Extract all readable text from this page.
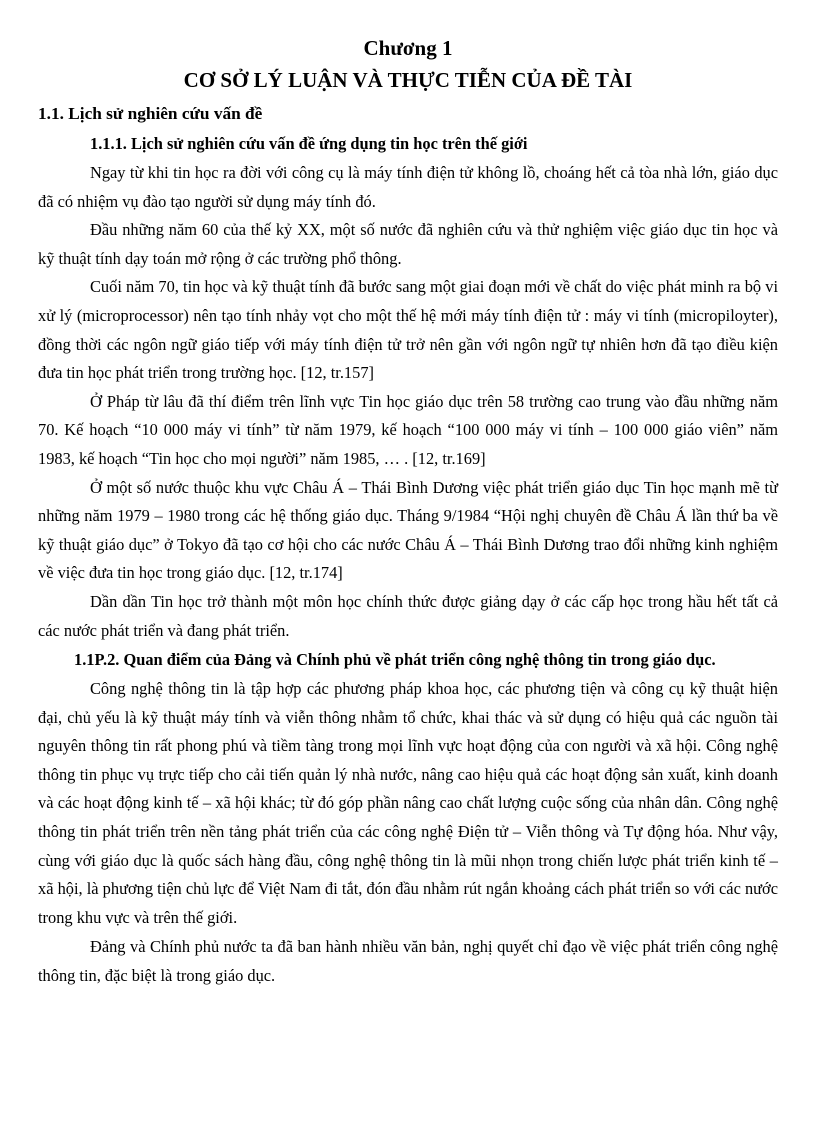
Chương 1
CƠ SỞ LÝ LUẬN VÀ THỰC TIỄN CỦA ĐỀ TÀI
1.1. Lịch sử nghiên cứu vấn đề
1.1.1. Lịch sử nghiên cứu vấn đề ứng dụng tin học trên thế giới

Ngay từ khi tin học ra đời với công cụ là máy tính điện tử không lồ, choáng hết cả tòa nhà lớn, giáo dục đã có nhiệm vụ đào tạo người sử dụng máy tính đó.

Đầu những năm 60 của thế kỷ XX, một số nước đã nghiên cứu và thử nghiệm việc giáo dục tin học và kỹ thuật tính dạy toán mở rộng ở các trường phổ thông.

Cuối năm 70, tin học và kỹ thuật tính đã bước sang một giai đoạn mới về chất do việc phát minh ra bộ vi xử lý (microprocessor) nên tạo tính nhảy vọt cho một thế hệ mới máy tính điện tử : máy vi tính (micropiloyter), đồng thời các ngôn ngữ giáo tiếp với máy tính điện tử trở nên gần với ngôn ngữ tự nhiên hơn đã tạo điều kiện đưa tin học phát triển trong trường học. [12, tr.157]

Ở Pháp từ lâu đã thí điểm trên lĩnh vực Tin học giáo dục trên 58 trường cao trung vào đầu những năm 70. Kế hoạch “10 000 máy vi tính” từ năm 1979, kế hoạch “100 000 máy vi tính – 100 000 giáo viên” năm 1983, kế hoạch “Tin học cho mọi người” năm 1985, … . [12, tr.169]

Ở một số nước thuộc khu vực Châu Á – Thái Bình Dương việc phát triển giáo dục Tin học mạnh mẽ từ những năm 1979 – 1980 trong các hệ thống giáo dục. Tháng 9/1984 “Hội nghị chuyên đề Châu Á lần thứ ba về kỹ thuật giáo dục” ở Tokyo đã tạo cơ hội cho các nước Châu Á – Thái Bình Dương trao đổi những kinh nghiệm về việc đưa tin học trong giáo dục. [12, tr.174]

Dần dần Tin học trở thành một môn học chính thức được giảng dạy ở các cấp học trong hầu hết tất cả các nước phát triển và đang phát triển.

1.1P.2. Quan điểm của Đảng và Chính phủ về phát triển công nghệ thông tin trong giáo dục.

Công nghệ thông tin là tập hợp các phương pháp khoa học, các phương tiện và công cụ kỹ thuật hiện đại, chủ yếu là kỹ thuật máy tính và viễn thông nhằm tổ chức, khai thác và sử dụng có hiệu quả các nguồn tài nguyên thông tin rất phong phú và tiềm tàng trong mọi lĩnh vực hoạt động của con người và xã hội. Công nghệ thông tin phục vụ trực tiếp cho cải tiến quản lý nhà nước, nâng cao hiệu quả các hoạt động sản xuất, kinh doanh và các hoạt động kinh tế – xã hội khác; từ đó góp phần nâng cao chất lượng cuộc sống của nhân dân. Công nghệ thông tin phát triển trên nền tảng phát triển của các công nghệ Điện tử – Viễn thông và Tự động hóa. Như vậy, cùng với giáo dục là quốc sách hàng đầu, công nghệ thông tin là mũi nhọn trong chiến lược phát triển kinh tế – xã hội, là phương tiện chủ lực để Việt Nam đi tắt, đón đầu nhằm rút ngắn khoảng cách phát triển so với các nước trong khu vực và trên thế giới.

Đảng và Chính phủ nước ta đã ban hành nhiều văn bản, nghị quyết chỉ đạo về việc phát triển công nghệ thông tin, đặc biệt là trong giáo dục.
